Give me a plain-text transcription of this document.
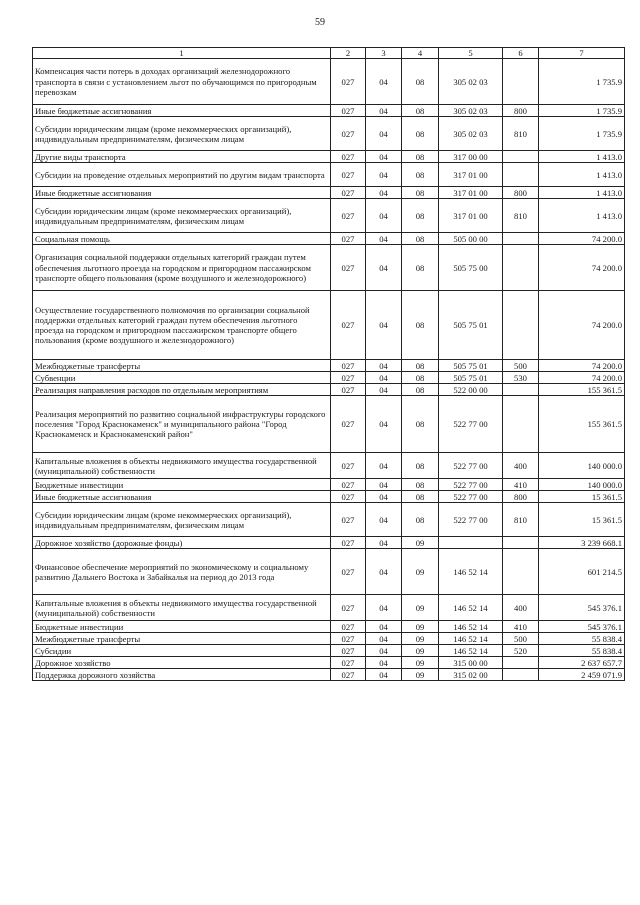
59
1	2	3	4	5	6	7
Компенсация части потерь в доходах организаций железнодорожного транспорта в связи с установлением льгот по обучающимся по пригородным перевозкам	027	04	08	305 02 03		1 735.9
Иные бюджетные ассигнования	027	04	08	305 02 03	800	1 735.9
Субсидии юридическим лицам (кроме некоммерческих организаций), индивидуальным предпринимателям, физическим лицам	027	04	08	305 02 03	810	1 735.9
Другие виды транспорта	027	04	08	317 00 00		1 413.0
Субсидии на проведение отдельных мероприятий по другим видам транспорта	027	04	08	317 01 00		1 413.0
Иные бюджетные ассигнования	027	04	08	317 01 00	800	1 413.0
Субсидии юридическим лицам (кроме некоммерческих организаций), индивидуальным предпринимателям, физическим лицам	027	04	08	317 01 00	810	1 413.0
Социальная помощь	027	04	08	505 00 00		74 200.0
Организация социальной поддержки отдельных категорий граждан путем обеспечения льготного проезда на городском и пригородном пассажирском транспорте общего пользования (кроме воздушного и железнодорожного)	027	04	08	505 75 00		74 200.0
Осуществление государственного полномочия по организации социальной поддержки отдельных категорий граждан путем обеспечения льготного проезда на городском и пригородном пассажирском транспорте общего пользования (кроме воздушного и железнодорожного)	027	04	08	505 75 01		74 200.0
Межбюджетные трансферты	027	04	08	505 75 01	500	74 200.0
Субвенции	027	04	08	505 75 01	530	74 200.0
Реализация направления расходов по отдельным мероприятиям	027	04	08	522 00 00		155 361.5
Реализация мероприятий по развитию социальной инфраструктуры городского поселения "Город Краснокаменск" и муниципального района "Город Краснокаменск и Краснокаменский район"	027	04	08	522 77 00		155 361.5
Капитальные вложения в объекты недвижимого имущества государственной (муниципальной) собственности	027	04	08	522 77 00	400	140 000.0
Бюджетные инвестиции	027	04	08	522 77 00	410	140 000.0
Иные бюджетные ассигнования	027	04	08	522 77 00	800	15 361.5
Субсидии юридическим лицам (кроме некоммерческих организаций), индивидуальным предпринимателям, физическим лицам	027	04	08	522 77 00	810	15 361.5
Дорожное хозяйство (дорожные фонды)	027	04	09			3 239 668.1
Финансовое обеспечение мероприятий по экономическому и социальному развитию Дальнего Востока и Забайкалья на период до 2013 года	027	04	09	146 52 14		601 214.5
Капитальные вложения в объекты недвижимого имущества государственной (муниципальной) собственности	027	04	09	146 52 14	400	545 376.1
Бюджетные инвестиции	027	04	09	146 52 14	410	545 376.1
Межбюджетные трансферты	027	04	09	146 52 14	500	55 838.4
Субсидии	027	04	09	146 52 14	520	55 838.4
Дорожное хозяйство	027	04	09	315 00 00		2 637 657.7
Поддержка дорожного хозяйства	027	04	09	315 02 00		2 459 071.9
